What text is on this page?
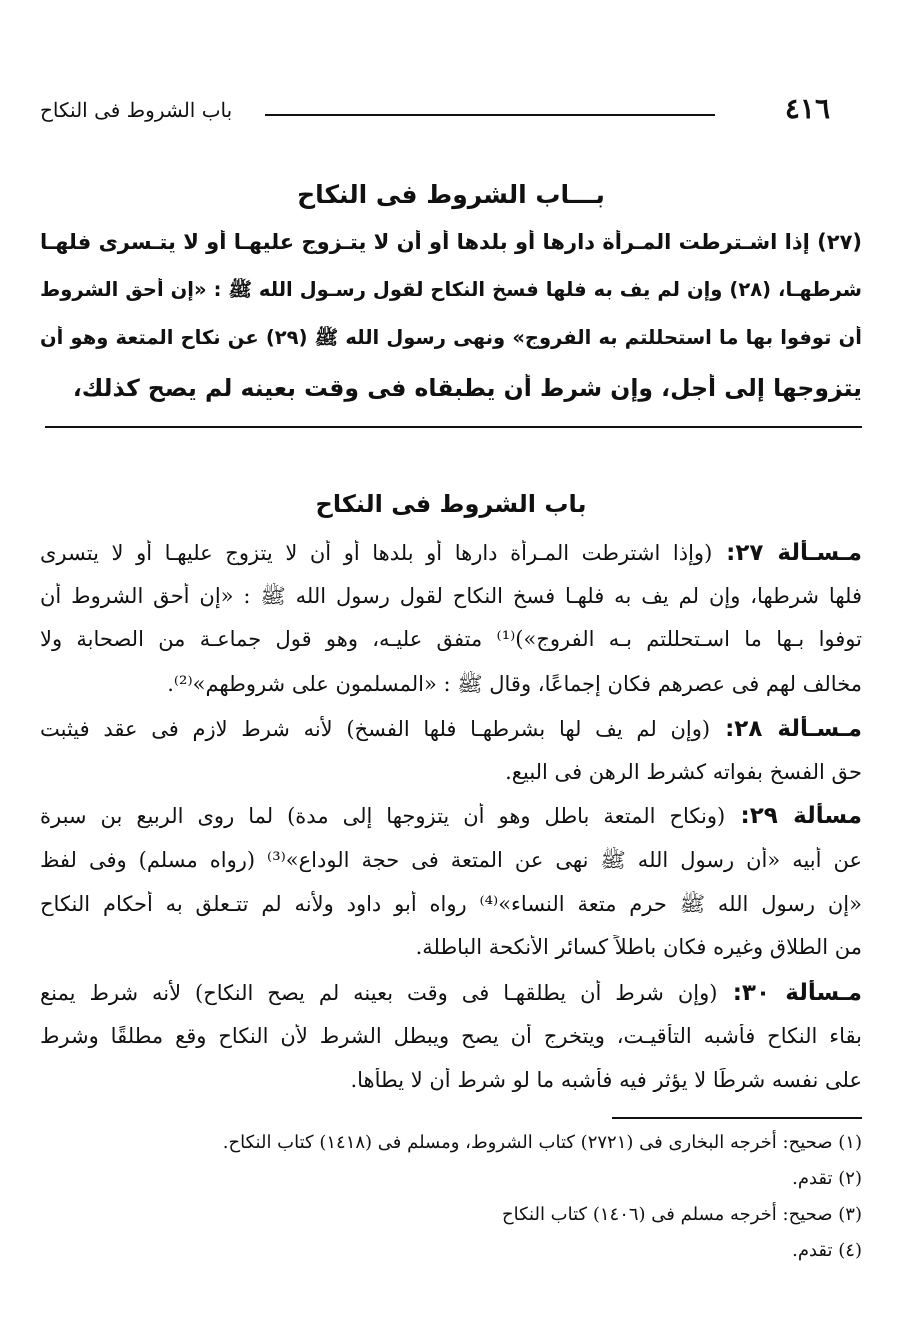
٤١٦
باب الشروط فى النكاح
بـــاب الشروط فى النكاح
(٢٧) إذا اشـترطت المـرأة دارها أو بلدها أو أن لا يتـزوج عليهـا أو لا يتـسرى فلهـا
شرطهـا، (٢٨) وإن لم يف به فلها فسخ النكاح لقول رسـول الله ﷺ : «إن أحق الشروط
أن توفوا بها ما استحللتم به الفروج» ونهى رسول الله ﷺ (٢٩) عن نكاح المتعة وهو أن
يتزوجها إلى أجل، وإن شرط أن يطبقاه فى وقت بعينه لم يصح كذلك،
باب الشروط فى النكاح
مـسـألة ٢٧: (وإذا اشترطت المـرأة دارها أو بلدها أو أن لا يتزوج عليهـا أو لا يتسرى
فلها شرطها، وإن لم يف به فلهـا فسخ النكاح لقول رسول الله ﷺ : «إن أحق الشروط أن
توفوا بـها ما اسـتحللتم بـه الفروج»)⁽¹⁾ متفق عليـه، وهو قول جماعـة من الصحابة ولا
مخالف لهم فى عصرهم فكان إجماعًا، وقال ﷺ : «المسلمون على شروطهم»⁽²⁾.
مـسـألة ٢٨: (وإن لم يف لها بشرطهـا فلها الفسخ) لأنه شرط لازم فى عقد فيثبت
حق الفسخ بفواته كشرط الرهن فى البيع.
مسألة ٢٩: (ونكاح المتعة باطل وهو أن يتزوجها إلى مدة) لما روى الربيع بن سبرة
عن أبيه «أن رسول الله ﷺ نهى عن المتعة فى حجة الوداع»⁽³⁾ (رواه مسلم) وفى لفظ
«إن رسول الله ﷺ حرم متعة النساء»⁽⁴⁾ رواه أبو داود ولأنه لم تتـعلق به أحكام النكاح
من الطلاق وغيره فكان باطلاً كسائر الأنكحة الباطلة.
مـسألة ٣٠: (وإن شرط أن يطلقهـا فى وقت بعينه لم يصح النكاح) لأنه شرط يمنع
بقاء النكاح فأشبه التأقيـت، ويتخرج أن يصح ويبطل الشرط لأن النكاح وقع مطلقًا وشرط
على نفسه شرطًا لا يؤثر فيه فأشبه ما لو شرط أن لا يطأها.
(١) صحيح: أخرجه البخارى فى (٢٧٢١) كتاب الشروط، ومسلم فى (١٤١٨) كتاب النكاح.
(٢) تقدم.
(٣) صحيح: أخرجه مسلم فى (١٤٠٦) كتاب النكاح
(٤) تقدم.
